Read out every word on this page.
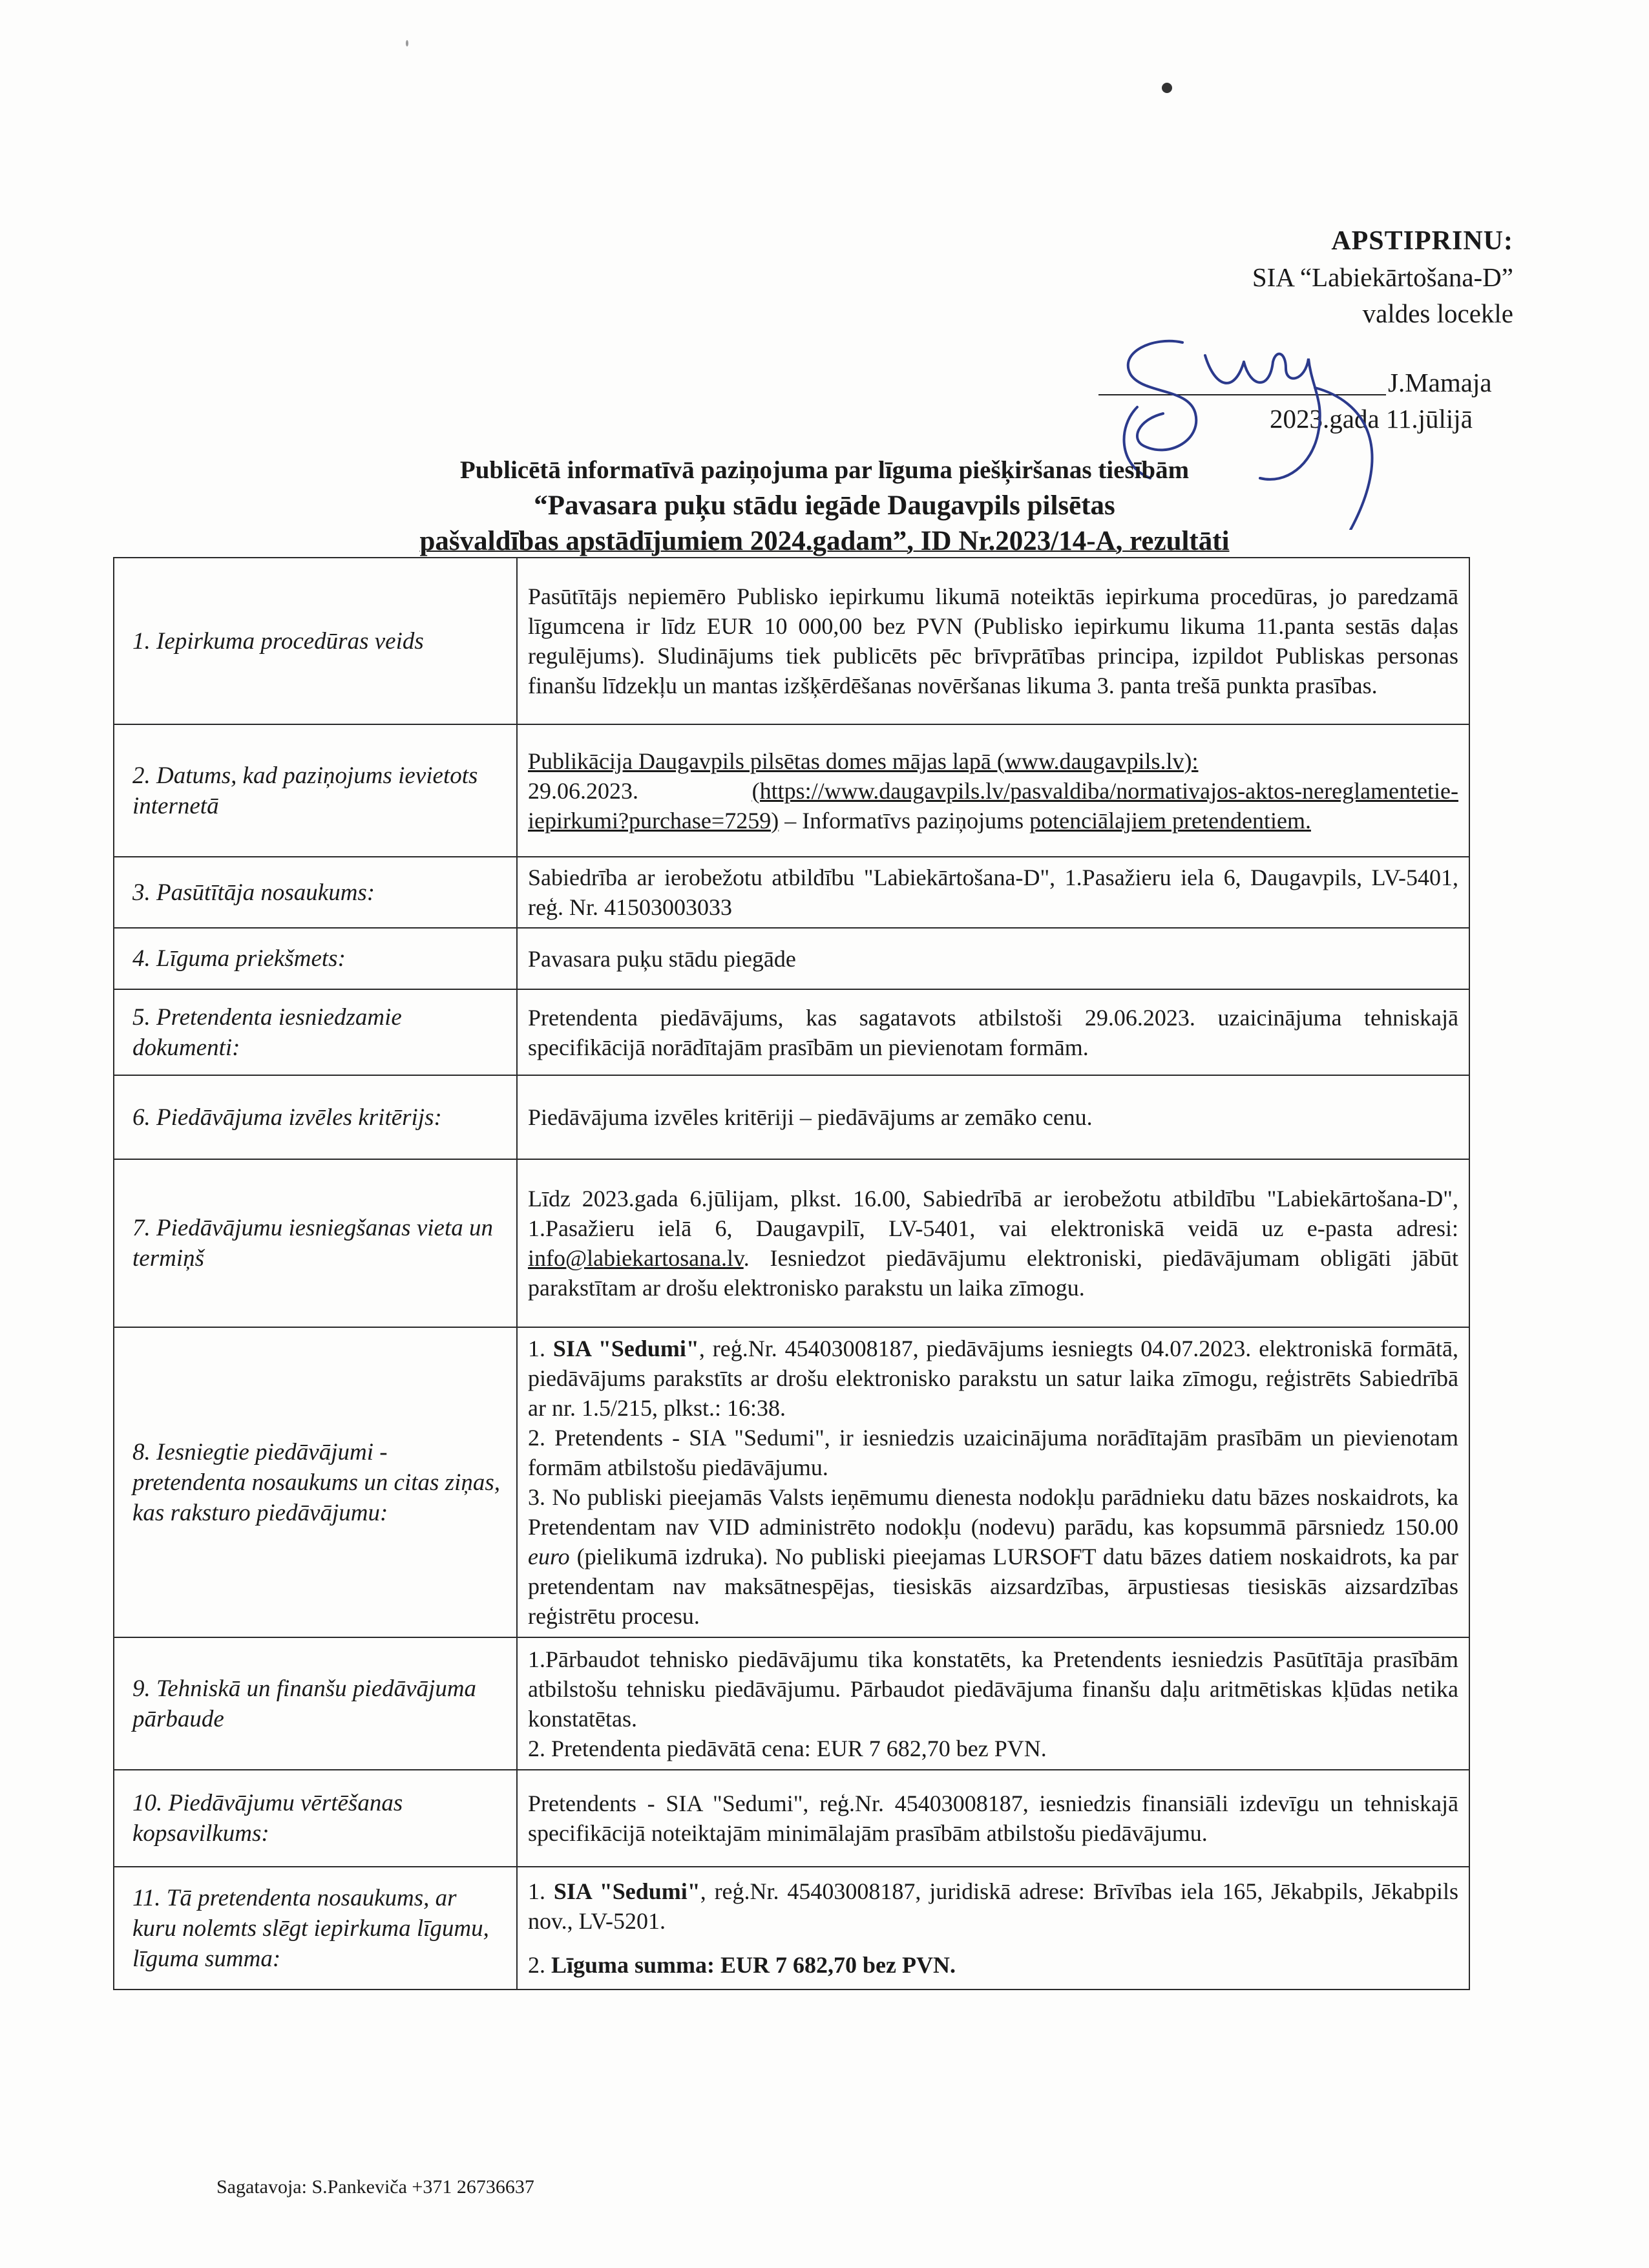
APSTIPRINU:
SIA “Labiekārtošana-D”
valdes locekle
J.Mamaja
2023.gada 11.jūlijā
Publicētā informatīvā paziņojuma par līguma piešķiršanas tiesībām
“Pavasara puķu stādu iegāde Daugavpils pilsētas
pašvaldības apstādījumiem 2024.gadam”, ID Nr.2023/14-A, rezultāti
1. Iepirkuma procedūras veids	Pasūtītājs nepiemēro Publisko iepirkumu likumā noteiktās iepirkuma procedūras, jo paredzamā līgumcena ir līdz EUR 10 000,00 bez PVN (Publisko iepirkumu likuma 11.panta sestās daļas regulējums). Sludinājums tiek publicēts pēc brīvprātības principa, izpildot Publiskas personas finanšu līdzekļu un mantas izšķērdēšanas novēršanas likuma 3. panta trešā punkta prasības.
2. Datums, kad paziņojums ievietots internetā	Publikācija Daugavpils pilsētas domes mājas lapā (www.daugavpils.lv):
29.06.2023. (https://www.daugavpils.lv/pasvaldiba/normativajos-aktos-nereglamentetie-iepirkumi?purchase=7259) – Informatīvs paziņojums potenciālajiem pretendentiem.
3. Pasūtītāja nosaukums:	Sabiedrība ar ierobežotu atbildību "Labiekārtošana-D", 1.Pasažieru iela 6, Daugavpils, LV-5401, reģ. Nr. 41503003033
4. Līguma priekšmets:	Pavasara puķu stādu piegāde
5. Pretendenta iesniedzamie dokumenti:	Pretendenta piedāvājums, kas sagatavots atbilstoši 29.06.2023. uzaicinājuma tehniskajā specifikācijā norādītajām prasībām un pievienotam formām.
6. Piedāvājuma izvēles kritērijs:	Piedāvājuma izvēles kritēriji – piedāvājums ar zemāko cenu.
7. Piedāvājumu iesniegšanas vieta un termiņš	Līdz 2023.gada 6.jūlijam, plkst. 16.00, Sabiedrībā ar ierobežotu atbildību "Labiekārtošana-D", 1.Pasažieru ielā 6, Daugavpilī, LV-5401, vai elektroniskā veidā uz e-pasta adresi: info@labiekartosana.lv. Iesniedzot piedāvājumu elektroniski, piedāvājumam obligāti jābūt parakstītam ar drošu elektronisko parakstu un laika zīmogu.
8. Iesniegtie piedāvājumi - pretendenta nosaukums un citas ziņas, kas raksturo piedāvājumu:	1. SIA "Sedumi", reģ.Nr. 45403008187, piedāvājums iesniegts 04.07.2023. elektroniskā formātā, piedāvājums parakstīts ar drošu elektronisko parakstu un satur laika zīmogu, reģistrēts Sabiedrībā ar nr. 1.5/215, plkst.: 16:38.

2. Pretendents - SIA "Sedumi", ir iesniedzis uzaicinājuma norādītajām prasībām un pievienotam formām atbilstošu piedāvājumu.

3. No publiski pieejamās Valsts ieņēmumu dienesta nodokļu parādnieku datu bāzes noskaidrots, ka Pretendentam nav VID administrēto nodokļu (nodevu) parādu, kas kopsummā pārsniedz 150.00 euro (pielikumā izdruka). No publiski pieejamas LURSOFT datu bāzes datiem noskaidrots, ka par pretendentam nav maksātnespējas, tiesiskās aizsardzības, ārpustiesas tiesiskās aizsardzības reģistrētu procesu.

9. Tehniskā un finanšu piedāvājuma pārbaude	1.Pārbaudot tehnisko piedāvājumu tika konstatēts, ka Pretendents iesniedzis Pasūtītāja prasībām atbilstošu tehnisku piedāvājumu. Pārbaudot piedāvājuma finanšu daļu aritmētiskas kļūdas netika konstatētas.

2. Pretendenta piedāvātā cena: EUR 7 682,70 bez PVN.

10. Piedāvājumu vērtēšanas kopsavilkums:	Pretendents - SIA "Sedumi", reģ.Nr. 45403008187, iesniedzis finansiāli izdevīgu un tehniskajā specifikācijā noteiktajām minimālajām prasībām atbilstošu piedāvājumu.
11. Tā pretendenta nosaukums, ar kuru nolemts slēgt iepirkuma līgumu, līguma summa:	1. SIA "Sedumi", reģ.Nr. 45403008187, juridiskā adrese: Brīvības iela 165, Jēkabpils, Jēkabpils nov., LV-5201.

2. Līguma summa: EUR 7 682,70 bez PVN.

Sagatavoja: S.Pankeviča +371 26736637
